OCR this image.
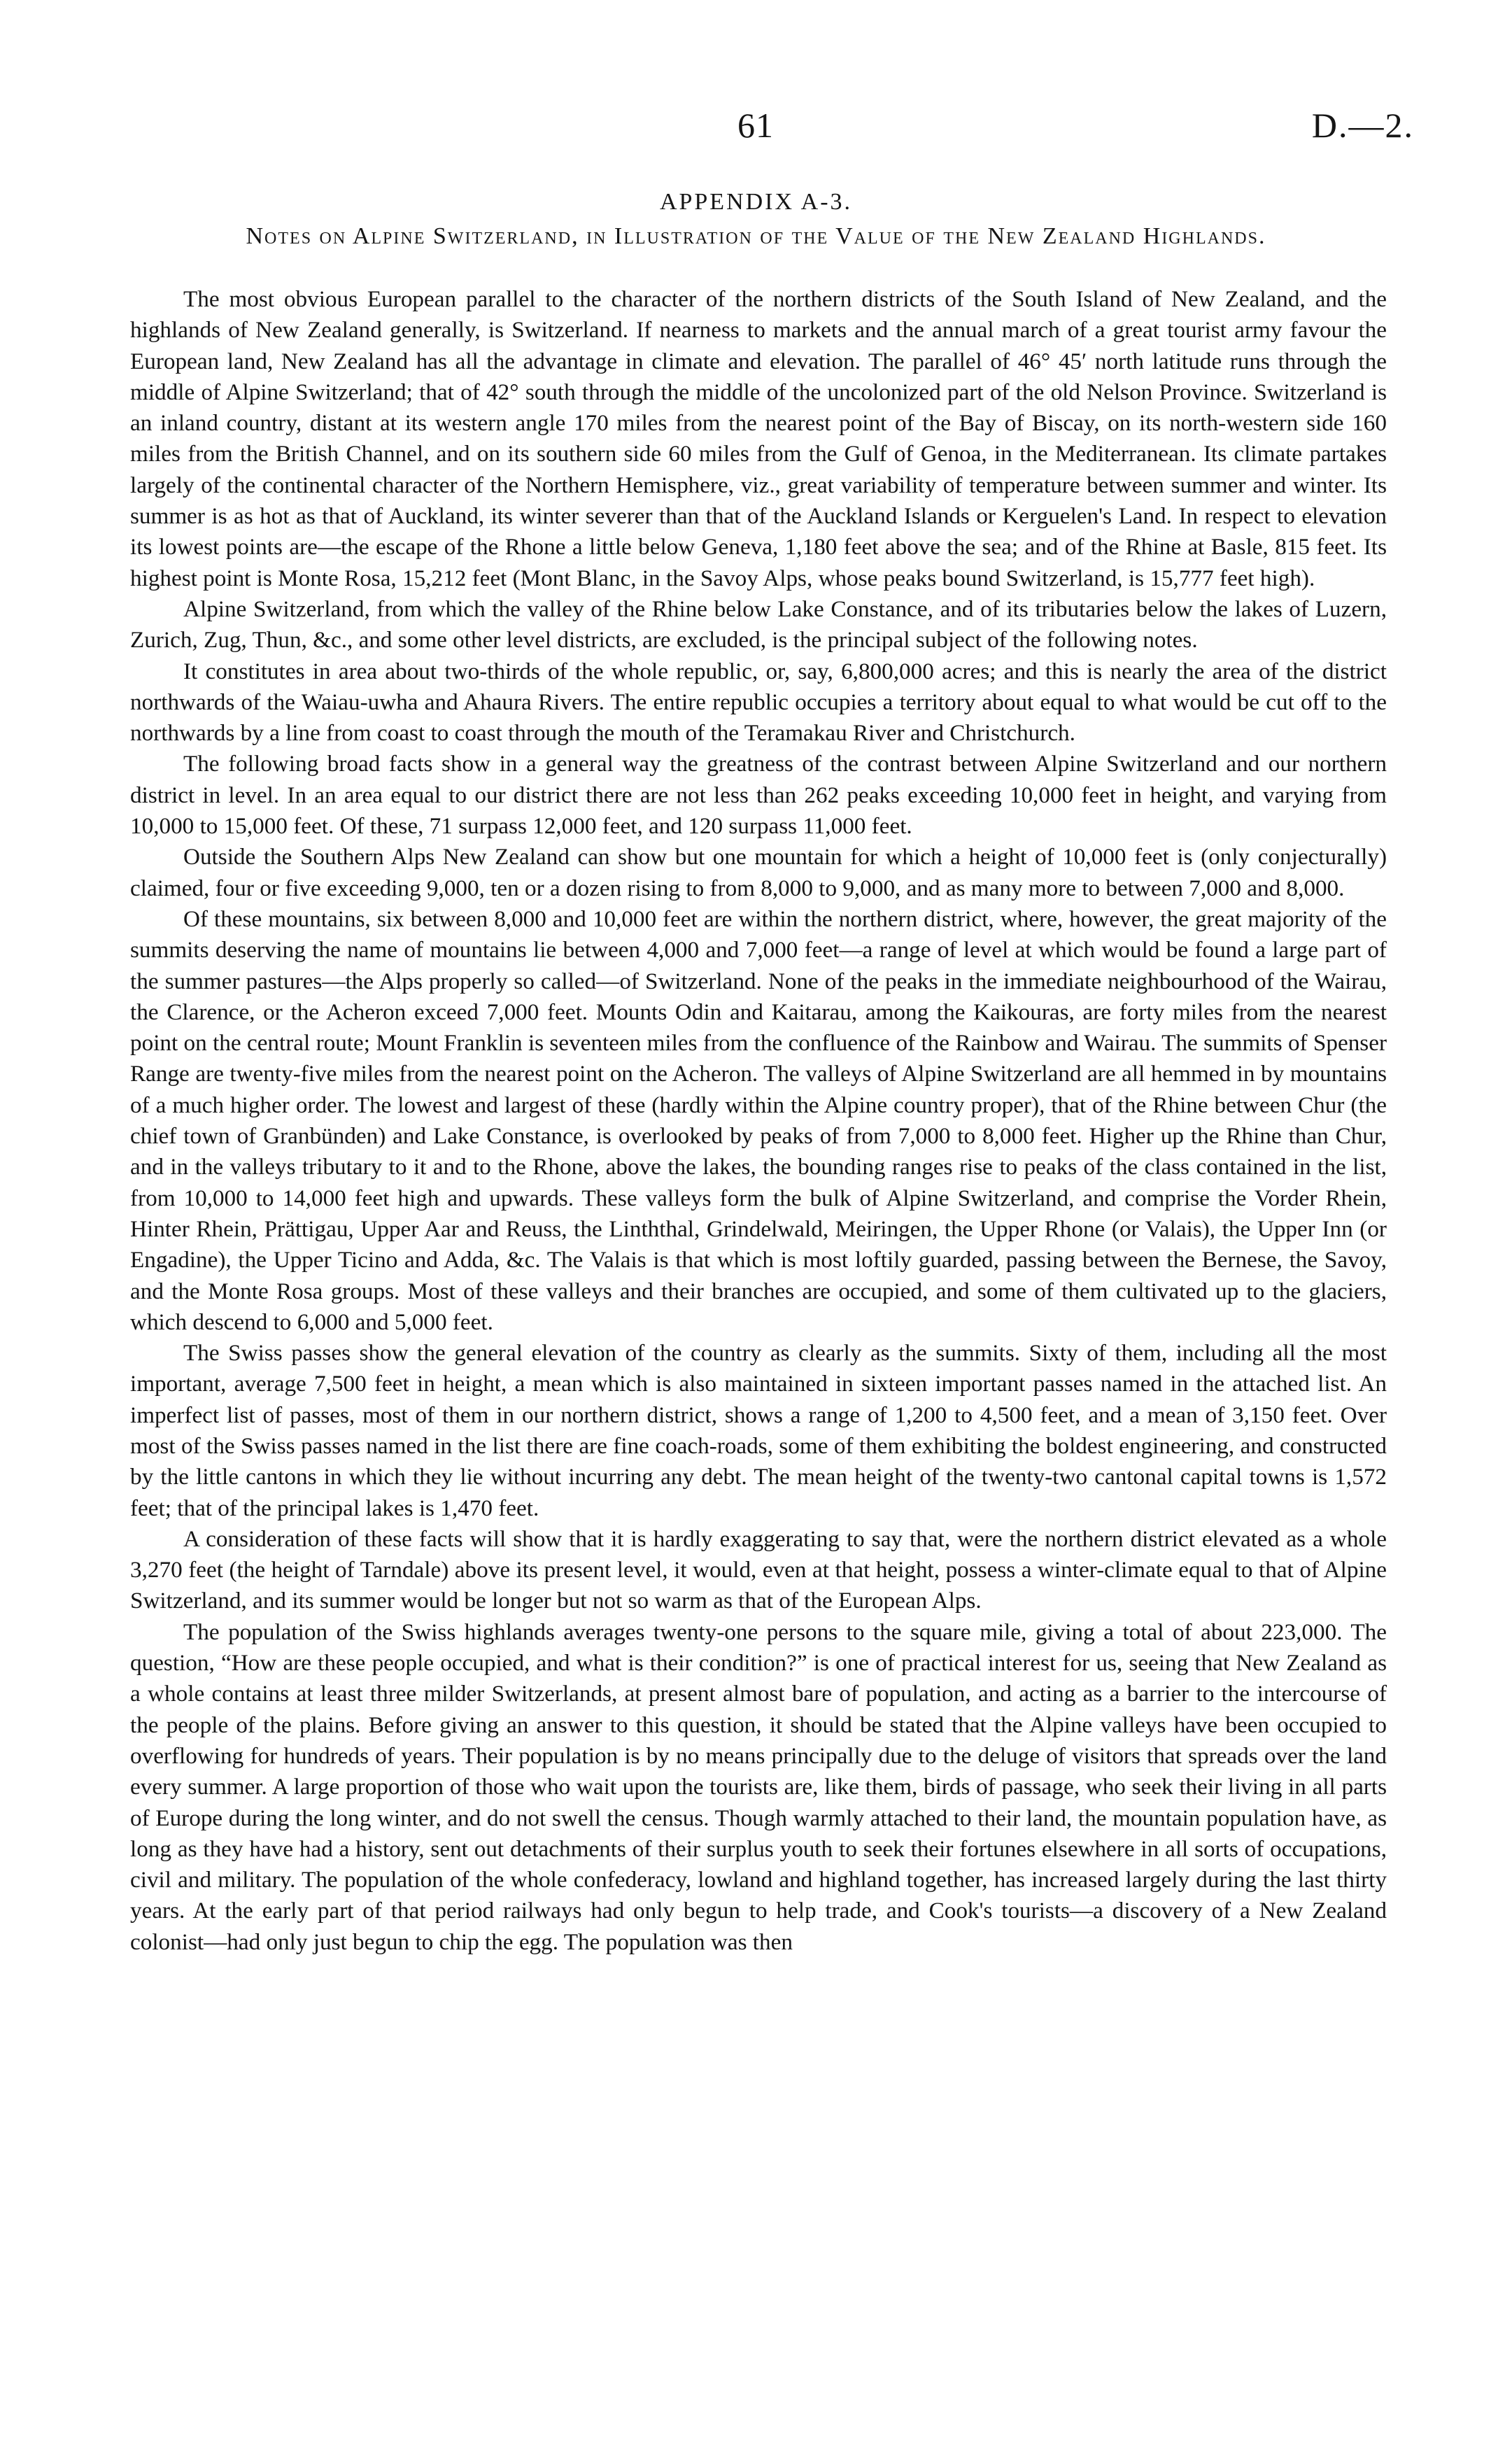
61	D.—2.
APPENDIX A-3.
Notes on Alpine Switzerland, in Illustration of the Value of the New Zealand Highlands.

The most obvious European parallel to the character of the northern districts of the South Island of New Zealand, and the highlands of New Zealand generally, is Switzerland. If nearness to markets and the annual march of a great tourist army favour the European land, New Zealand has all the advantage in climate and elevation. The parallel of 46° 45′ north latitude runs through the middle of Alpine Switzerland; that of 42° south through the middle of the uncolonized part of the old Nelson Province. Switzerland is an inland country, distant at its western angle 170 miles from the nearest point of the Bay of Biscay, on its north-western side 160 miles from the British Channel, and on its southern side 60 miles from the Gulf of Genoa, in the Mediterranean. Its climate partakes largely of the continental character of the Northern Hemisphere, viz., great variability of temperature between summer and winter. Its summer is as hot as that of Auckland, its winter severer than that of the Auckland Islands or Kerguelen's Land. In respect to elevation its lowest points are—the escape of the Rhone a little below Geneva, 1,180 feet above the sea; and of the Rhine at Basle, 815 feet. Its highest point is Monte Rosa, 15,212 feet (Mont Blanc, in the Savoy Alps, whose peaks bound Switzerland, is 15,777 feet high).

Alpine Switzerland, from which the valley of the Rhine below Lake Constance, and of its tributaries below the lakes of Luzern, Zurich, Zug, Thun, &c., and some other level districts, are excluded, is the principal subject of the following notes.

It constitutes in area about two-thirds of the whole republic, or, say, 6,800,000 acres; and this is nearly the area of the district northwards of the Waiau-uwha and Ahaura Rivers. The entire republic occupies a territory about equal to what would be cut off to the northwards by a line from coast to coast through the mouth of the Teramakau River and Christchurch.

The following broad facts show in a general way the greatness of the contrast between Alpine Switzerland and our northern district in level. In an area equal to our district there are not less than 262 peaks exceeding 10,000 feet in height, and varying from 10,000 to 15,000 feet. Of these, 71 surpass 12,000 feet, and 120 surpass 11,000 feet.

Outside the Southern Alps New Zealand can show but one mountain for which a height of 10,000 feet is (only conjecturally) claimed, four or five exceeding 9,000, ten or a dozen rising to from 8,000 to 9,000, and as many more to between 7,000 and 8,000.

Of these mountains, six between 8,000 and 10,000 feet are within the northern district, where, however, the great majority of the summits deserving the name of mountains lie between 4,000 and 7,000 feet—a range of level at which would be found a large part of the summer pastures—the Alps properly so called—of Switzerland. None of the peaks in the immediate neighbourhood of the Wairau, the Clarence, or the Acheron exceed 7,000 feet. Mounts Odin and Kaitarau, among the Kaikouras, are forty miles from the nearest point on the central route; Mount Franklin is seventeen miles from the confluence of the Rainbow and Wairau. The summits of Spenser Range are twenty-five miles from the nearest point on the Acheron. The valleys of Alpine Switzerland are all hemmed in by mountains of a much higher order. The lowest and largest of these (hardly within the Alpine country proper), that of the Rhine between Chur (the chief town of Granbünden) and Lake Constance, is overlooked by peaks of from 7,000 to 8,000 feet. Higher up the Rhine than Chur, and in the valleys tributary to it and to the Rhone, above the lakes, the bounding ranges rise to peaks of the class contained in the list, from 10,000 to 14,000 feet high and upwards. These valleys form the bulk of Alpine Switzerland, and comprise the Vorder Rhein, Hinter Rhein, Prättigau, Upper Aar and Reuss, the Linththal, Grindelwald, Meiringen, the Upper Rhone (or Valais), the Upper Inn (or Engadine), the Upper Ticino and Adda, &c. The Valais is that which is most loftily guarded, passing between the Bernese, the Savoy, and the Monte Rosa groups. Most of these valleys and their branches are occupied, and some of them cultivated up to the glaciers, which descend to 6,000 and 5,000 feet.

The Swiss passes show the general elevation of the country as clearly as the summits. Sixty of them, including all the most important, average 7,500 feet in height, a mean which is also maintained in sixteen important passes named in the attached list. An imperfect list of passes, most of them in our northern district, shows a range of 1,200 to 4,500 feet, and a mean of 3,150 feet. Over most of the Swiss passes named in the list there are fine coach-roads, some of them exhibiting the boldest engineering, and constructed by the little cantons in which they lie without incurring any debt. The mean height of the twenty-two cantonal capital towns is 1,572 feet; that of the principal lakes is 1,470 feet.

A consideration of these facts will show that it is hardly exaggerating to say that, were the northern district elevated as a whole 3,270 feet (the height of Tarndale) above its present level, it would, even at that height, possess a winter-climate equal to that of Alpine Switzerland, and its summer would be longer but not so warm as that of the European Alps.

The population of the Swiss highlands averages twenty-one persons to the square mile, giving a total of about 223,000. The question, “How are these people occupied, and what is their condition?” is one of practical interest for us, seeing that New Zealand as a whole contains at least three milder Switzerlands, at present almost bare of population, and acting as a barrier to the intercourse of the people of the plains. Before giving an answer to this question, it should be stated that the Alpine valleys have been occupied to overflowing for hundreds of years. Their population is by no means principally due to the deluge of visitors that spreads over the land every summer. A large proportion of those who wait upon the tourists are, like them, birds of passage, who seek their living in all parts of Europe during the long winter, and do not swell the census. Though warmly attached to their land, the mountain population have, as long as they have had a history, sent out detachments of their surplus youth to seek their fortunes elsewhere in all sorts of occupations, civil and military. The population of the whole confederacy, lowland and highland together, has increased largely during the last thirty years. At the early part of that period railways had only begun to help trade, and Cook's tourists—a discovery of a New Zealand colonist—had only just begun to chip the egg. The population was then
